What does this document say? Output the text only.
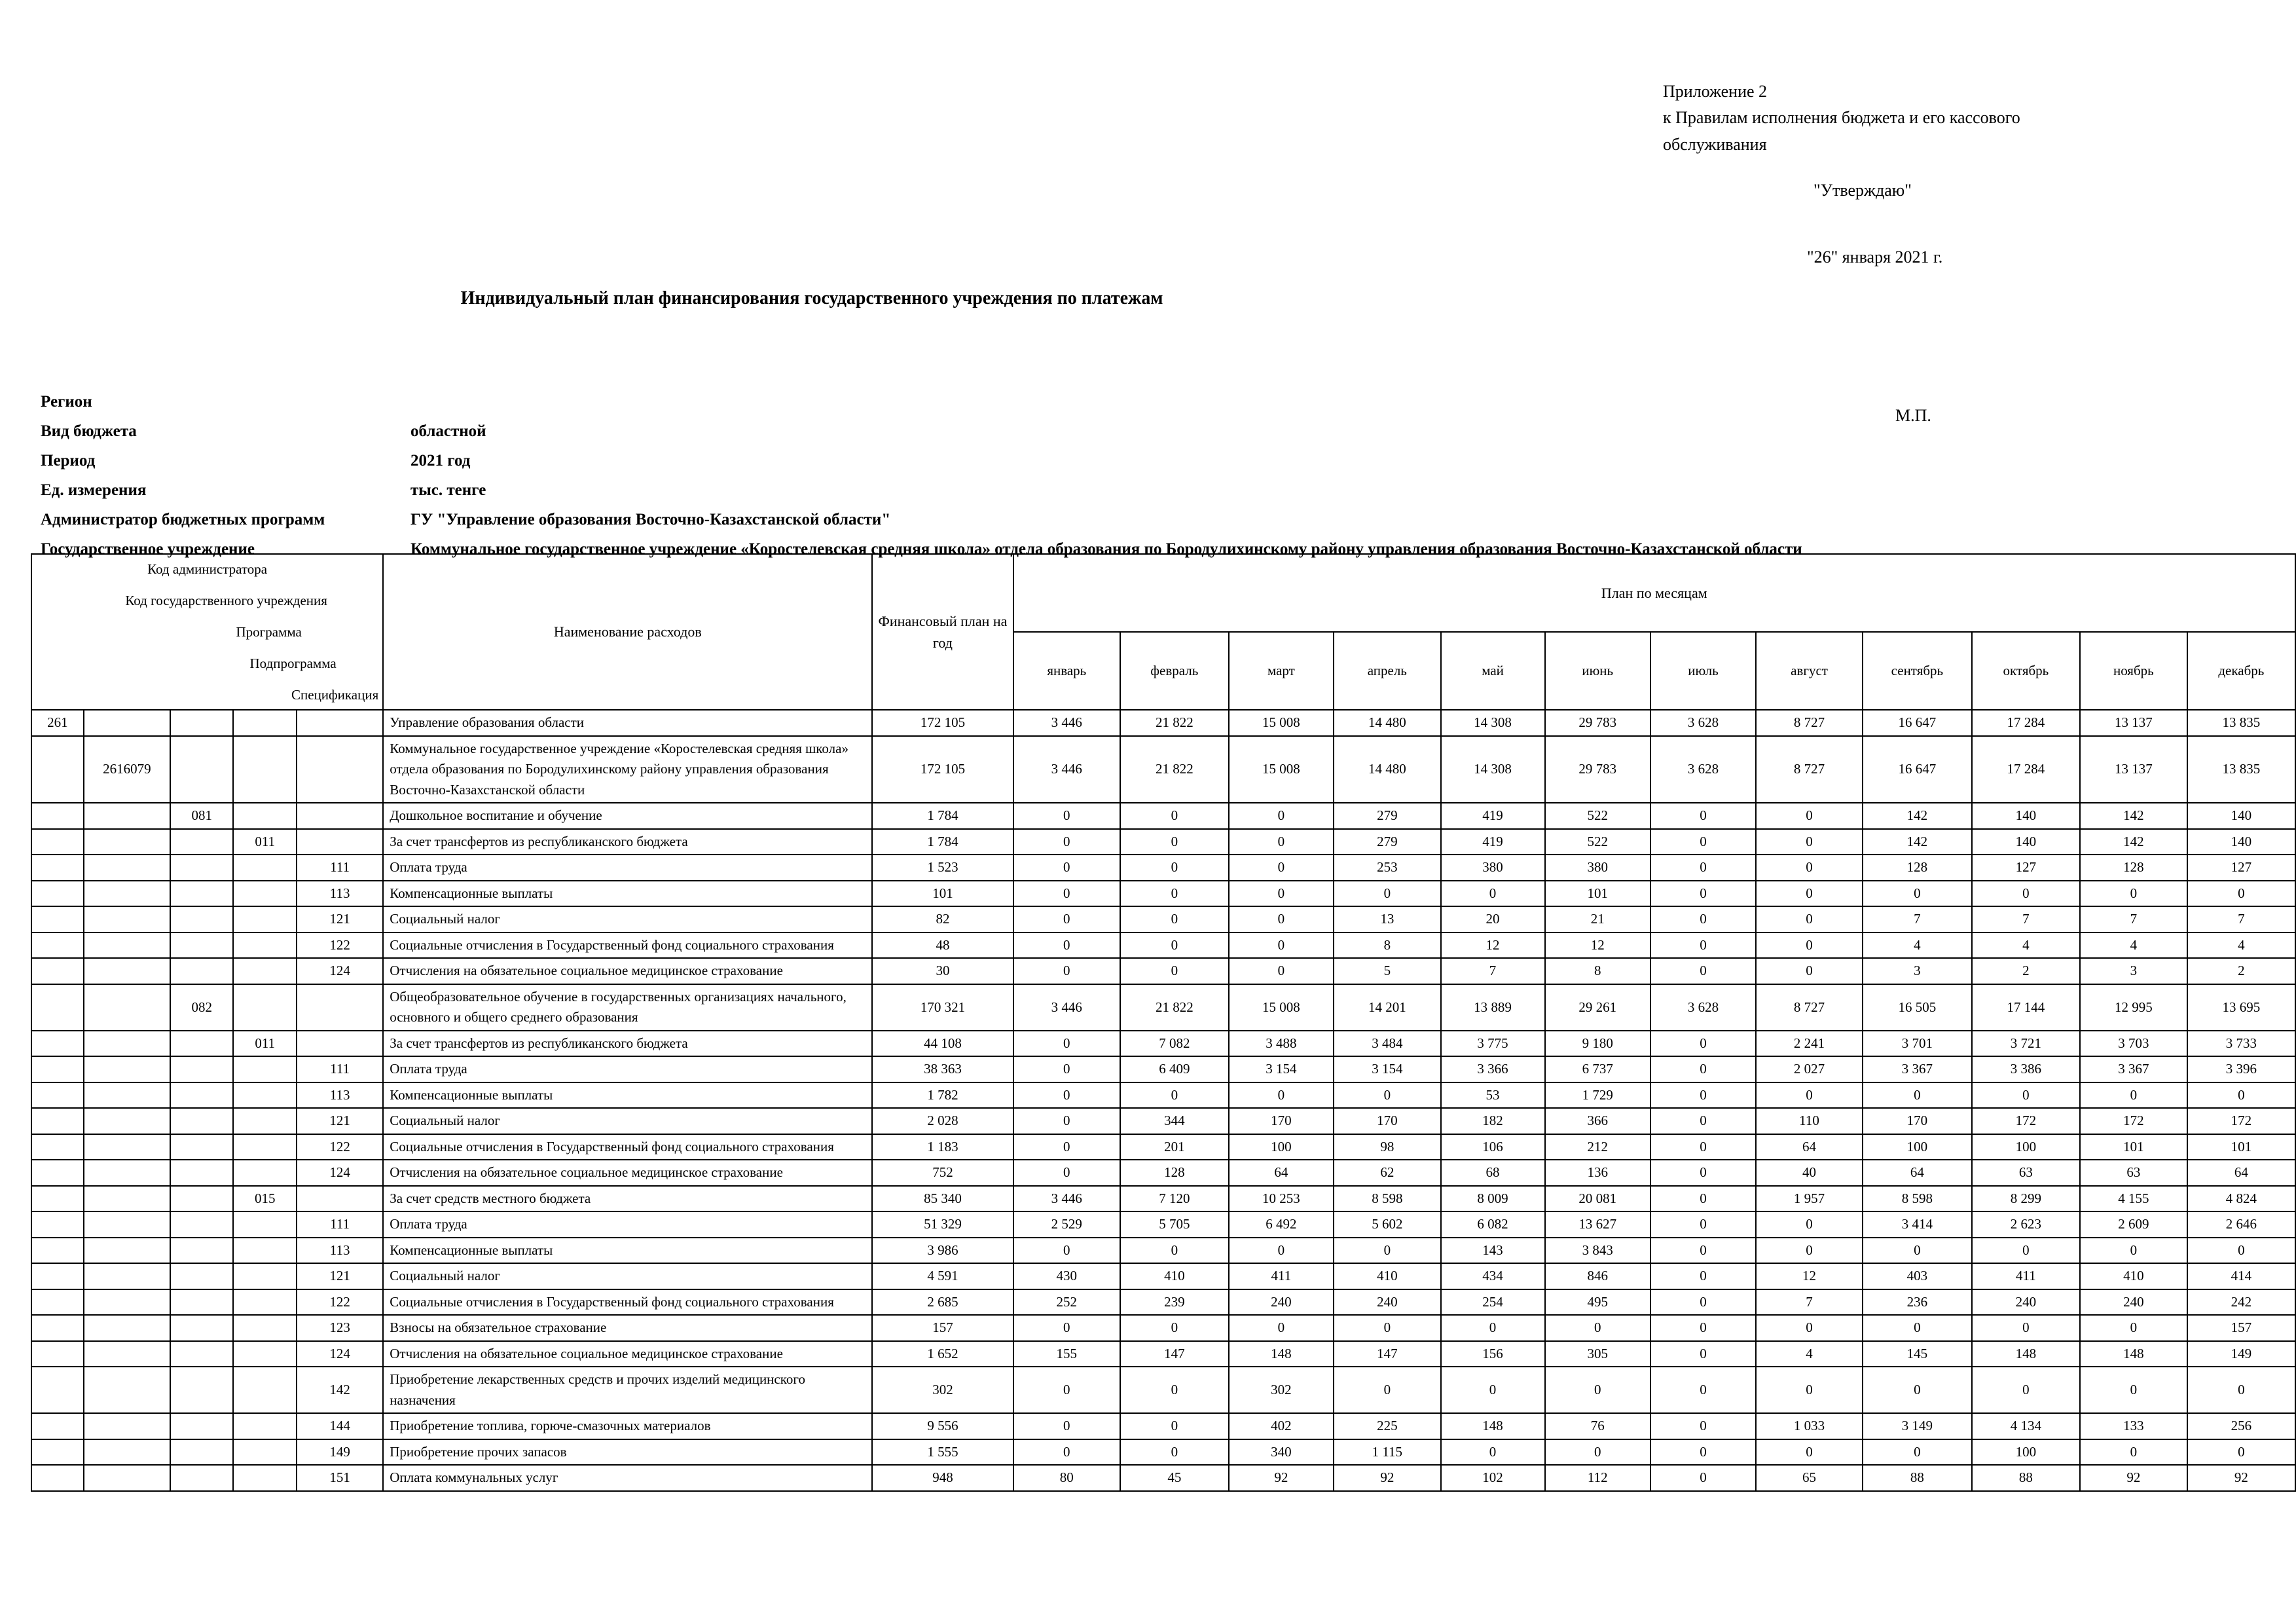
Приложение 2
к Правилам исполнения бюджета и его кассового
обслуживания
"Утверждаю"
"26" января 2021 г.
Индивидуальный план финансирования государственного учреждения по платежам
М.П.
Регион
Вид бюджета	областной
Период	2021 год
Ед. измерения	тыс. тенге
Администратор бюджетных программ	ГУ "Управление образования Восточно-Казахстанской области"
Государственное учреждение	Коммунальное государственное учреждение «Коростелевская средняя школа» отдела образования по Бородулихинскому району управления образования Восточно-Казахстанской области
Код администратора
Код государственного учреждения
Программа
Подпрограмма
Спецификация					Наименование расходов	Финансовый план на год	План по месяцам											
							январь	февраль	март	апрель	май	июнь	июль	август	сентябрь	октябрь	ноябрь	декабрь
261					Управление образования области	172 105	3 446	21 822	15 008	14 480	14 308	29 783	3 628	8 727	16 647	17 284	13 137	13 835
	2616079				Коммунальное государственное учреждение «Коростелевская средняя школа» отдела образования по Бородулихинскому району управления образования Восточно-Казахстанской области	172 105	3 446	21 822	15 008	14 480	14 308	29 783	3 628	8 727	16 647	17 284	13 137	13 835
		081			Дошкольное воспитание и обучение	1 784	0	0	0	279	419	522	0	0	142	140	142	140
			011		За счет трансфертов из республиканского бюджета	1 784	0	0	0	279	419	522	0	0	142	140	142	140
				111	Оплата труда	1 523	0	0	0	253	380	380	0	0	128	127	128	127
				113	Компенсационные выплаты	101	0	0	0	0	0	101	0	0	0	0	0	0
				121	Социальный налог	82	0	0	0	13	20	21	0	0	7	7	7	7
				122	Социальные отчисления в Государственный фонд социального страхования	48	0	0	0	8	12	12	0	0	4	4	4	4
				124	Отчисления на обязательное социальное медицинское страхование	30	0	0	0	5	7	8	0	0	3	2	3	2
		082			Общеобразовательное обучение в государственных организациях начального, основного и общего среднего образования	170 321	3 446	21 822	15 008	14 201	13 889	29 261	3 628	8 727	16 505	17 144	12 995	13 695
			011		За счет трансфертов из республиканского бюджета	44 108	0	7 082	3 488	3 484	3 775	9 180	0	2 241	3 701	3 721	3 703	3 733
				111	Оплата труда	38 363	0	6 409	3 154	3 154	3 366	6 737	0	2 027	3 367	3 386	3 367	3 396
				113	Компенсационные выплаты	1 782	0	0	0	0	53	1 729	0	0	0	0	0	0
				121	Социальный налог	2 028	0	344	170	170	182	366	0	110	170	172	172	172
				122	Социальные отчисления в Государственный фонд социального страхования	1 183	0	201	100	98	106	212	0	64	100	100	101	101
				124	Отчисления на обязательное социальное медицинское страхование	752	0	128	64	62	68	136	0	40	64	63	63	64
			015		За счет средств местного бюджета	85 340	3 446	7 120	10 253	8 598	8 009	20 081	0	1 957	8 598	8 299	4 155	4 824
				111	Оплата труда	51 329	2 529	5 705	6 492	5 602	6 082	13 627	0	0	3 414	2 623	2 609	2 646
				113	Компенсационные выплаты	3 986	0	0	0	0	143	3 843	0	0	0	0	0	0
				121	Социальный налог	4 591	430	410	411	410	434	846	0	12	403	411	410	414
				122	Социальные отчисления в Государственный фонд социального страхования	2 685	252	239	240	240	254	495	0	7	236	240	240	242
				123	Взносы на обязательное страхование	157	0	0	0	0	0	0	0	0	0	0	0	157
				124	Отчисления на обязательное социальное медицинское страхование	1 652	155	147	148	147	156	305	0	4	145	148	148	149
				142	Приобретение лекарственных средств и прочих изделий медицинского назначения	302	0	0	302	0	0	0	0	0	0	0	0	0
				144	Приобретение топлива, горюче-смазочных материалов	9 556	0	0	402	225	148	76	0	1 033	3 149	4 134	133	256
				149	Приобретение прочих запасов	1 555	0	0	340	1 115	0	0	0	0	0	100	0	0
				151	Оплата коммунальных услуг	948	80	45	92	92	102	112	0	65	88	88	92	92
